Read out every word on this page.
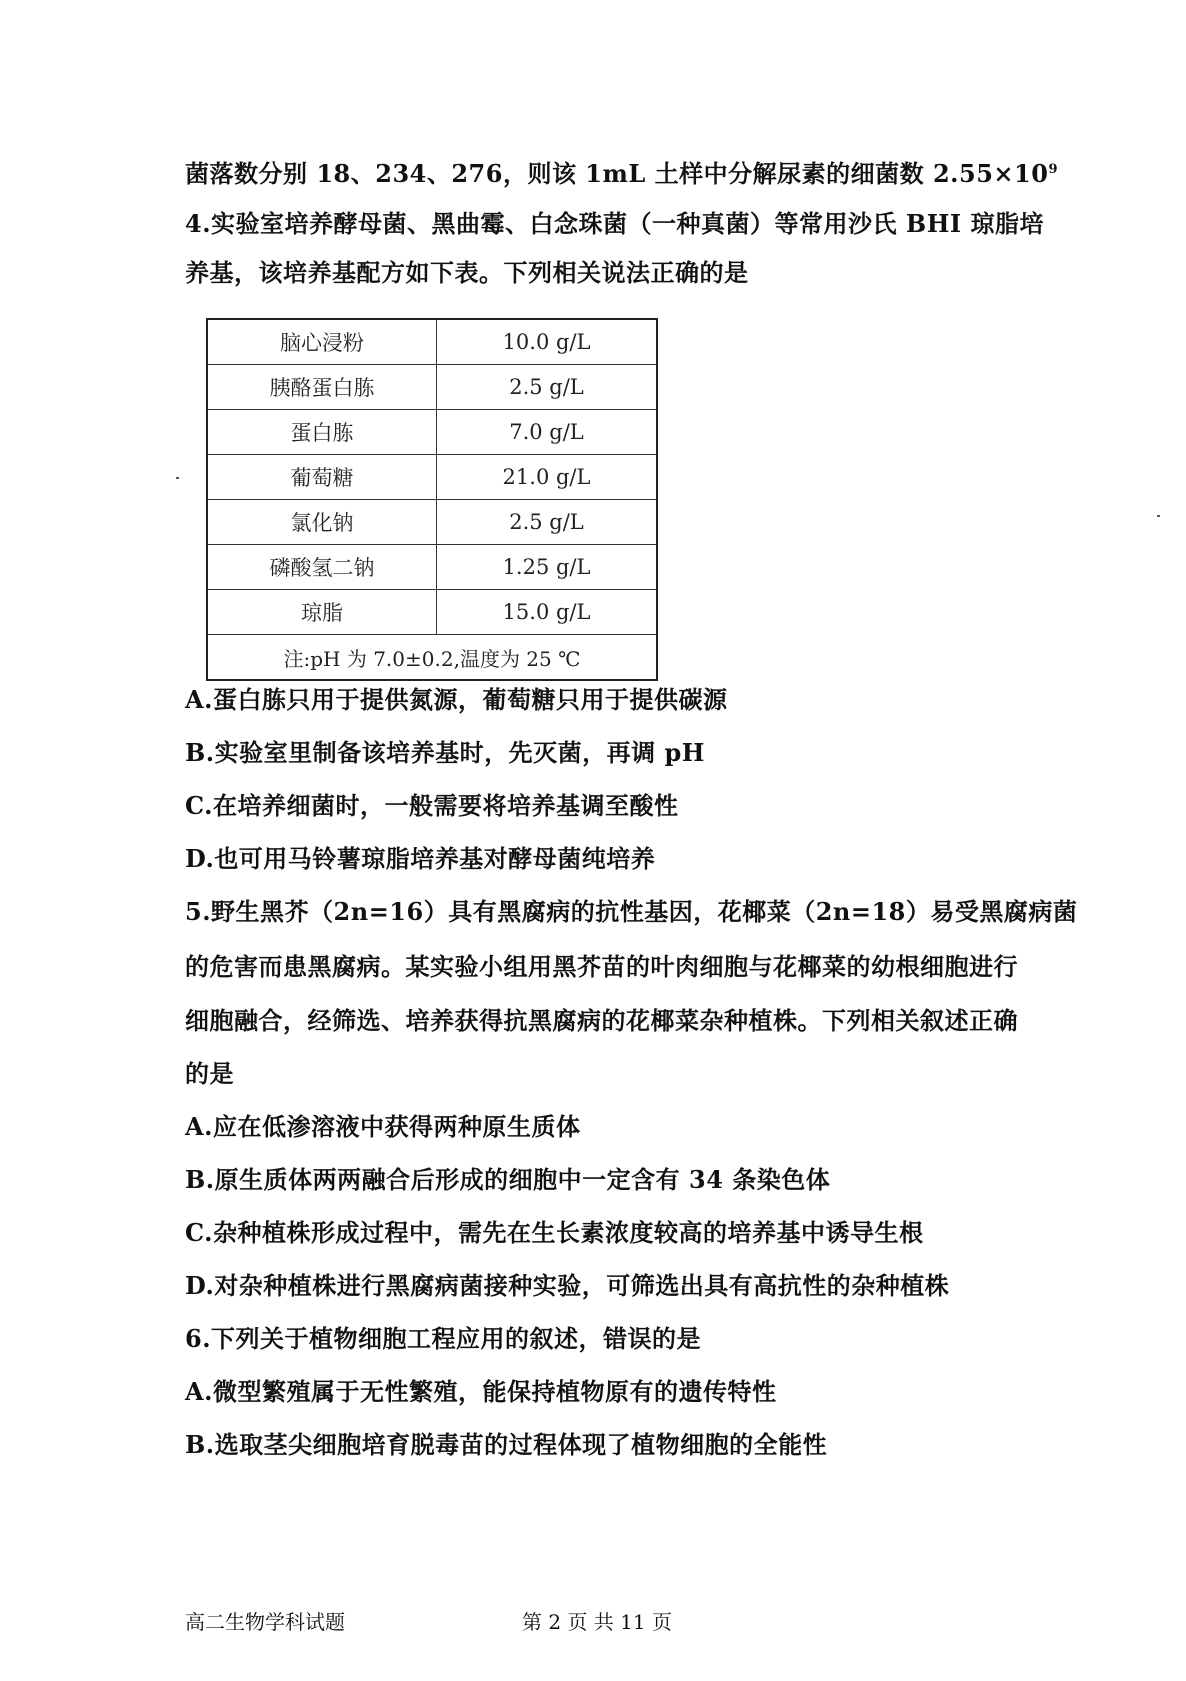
菌落数分别 18、234、276，则该 1mL 土样中分解尿素的细菌数 $2.55\times 10^9$
4.实验室培养酵母菌、黑曲霉、白念珠菌（一种真菌）等常用沙氏 BHI 琼脂培
养基，该培养基配方如下表。下列相关说法正确的是
脑心浸粉	10.0 g/L
胰酪蛋白胨	2.5 g/L
蛋白胨	7.0 g/L
葡萄糖	21.0 g/L
氯化钠	2.5 g/L
磷酸氢二钠	1.25 g/L
琼脂	15.0 g/L
注:pH 为 7.0±0.2,温度为 25 ℃	
A.蛋白胨只用于提供氮源，葡萄糖只用于提供碳源
B.实验室里制备该培养基时，先灭菌，再调 pH
C.在培养细菌时，一般需要将培养基调至酸性
D.也可用马铃薯琼脂培养基对酵母菌纯培养
5.野生黑芥（2n=16）具有黑腐病的抗性基因，花椰菜（2n=18）易受黑腐病菌
的危害而患黑腐病。某实验小组用黑芥苗的叶肉细胞与花椰菜的幼根细胞进行
细胞融合，经筛选、培养获得抗黑腐病的花椰菜杂种植株。下列相关叙述正确
的是
A.应在低渗溶液中获得两种原生质体
B.原生质体两两融合后形成的细胞中一定含有 34 条染色体
C.杂种植株形成过程中，需先在生长素浓度较高的培养基中诱导生根
D.对杂种植株进行黑腐病菌接种实验，可筛选出具有高抗性的杂种植株
6.下列关于植物细胞工程应用的叙述，错误的是
A.微型繁殖属于无性繁殖，能保持植物原有的遗传特性
B.选取茎尖细胞培育脱毒苗的过程体现了植物细胞的全能性
高二生物学科试题	第 2 页 共 11 页
